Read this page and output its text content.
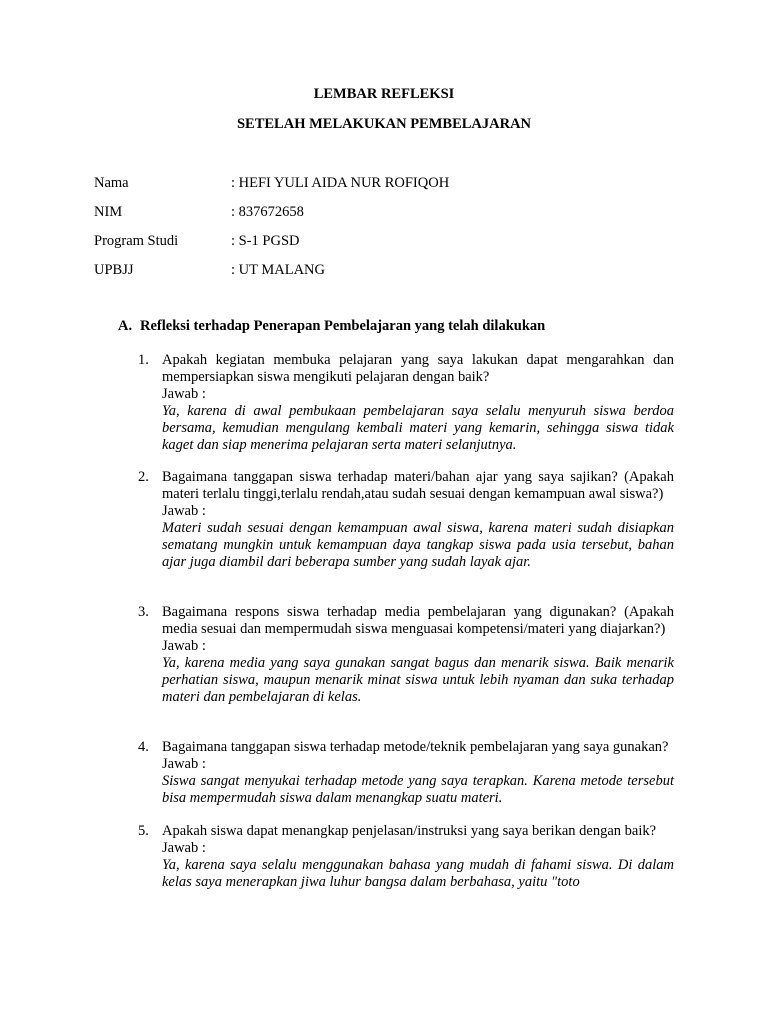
LEMBAR REFLEKSI

SETELAH MELAKUKAN PEMBELAJARAN

Nama	: HEFI YULI AIDA NUR ROFIQOH
NIM	: 837672658
Program Studi	: S-1 PGSD
UPBJJ	: UT MALANG
A. Refleksi terhadap Penerapan Pembelajaran yang telah dilakukan
1. Apakah kegiatan membuka pelajaran yang saya lakukan dapat mengarahkan dan mempersiapkan siswa mengikuti pelajaran dengan baik?
Jawab :
Ya, karena di awal pembukaan pembelajaran saya selalu menyuruh siswa berdoa bersama, kemudian mengulang kembali materi yang kemarin, sehingga siswa tidak kaget dan siap menerima pelajaran serta materi selanjutnya.
2. Bagaimana tanggapan siswa terhadap materi/bahan ajar yang saya sajikan? (Apakah materi terlalu tinggi,terlalu rendah,atau sudah sesuai dengan kemampuan awal siswa?)
Jawab :
Materi sudah sesuai dengan kemampuan awal siswa, karena materi sudah disiapkan sematang mungkin untuk kemampuan daya tangkap siswa pada usia tersebut, bahan ajar juga diambil dari beberapa sumber yang sudah layak ajar.
3. Bagaimana respons siswa terhadap media pembelajaran yang digunakan? (Apakah media sesuai dan mempermudah siswa menguasai kompetensi/materi yang diajarkan?)
Jawab :
Ya, karena media yang saya gunakan sangat bagus dan menarik siswa. Baik menarik perhatian siswa, maupun menarik minat siswa untuk lebih nyaman dan suka terhadap materi dan pembelajaran di kelas.
4. Bagaimana tanggapan siswa terhadap metode/teknik pembelajaran yang saya gunakan?
Jawab :
Siswa sangat menyukai terhadap metode yang saya terapkan. Karena metode tersebut bisa mempermudah siswa dalam menangkap suatu materi.
5. Apakah siswa dapat menangkap penjelasan/instruksi yang saya berikan dengan baik?
Jawab :
Ya, karena saya selalu menggunakan bahasa yang mudah di fahami siswa. Di dalam kelas saya menerapkan jiwa luhur bangsa dalam berbahasa, yaitu "toto
